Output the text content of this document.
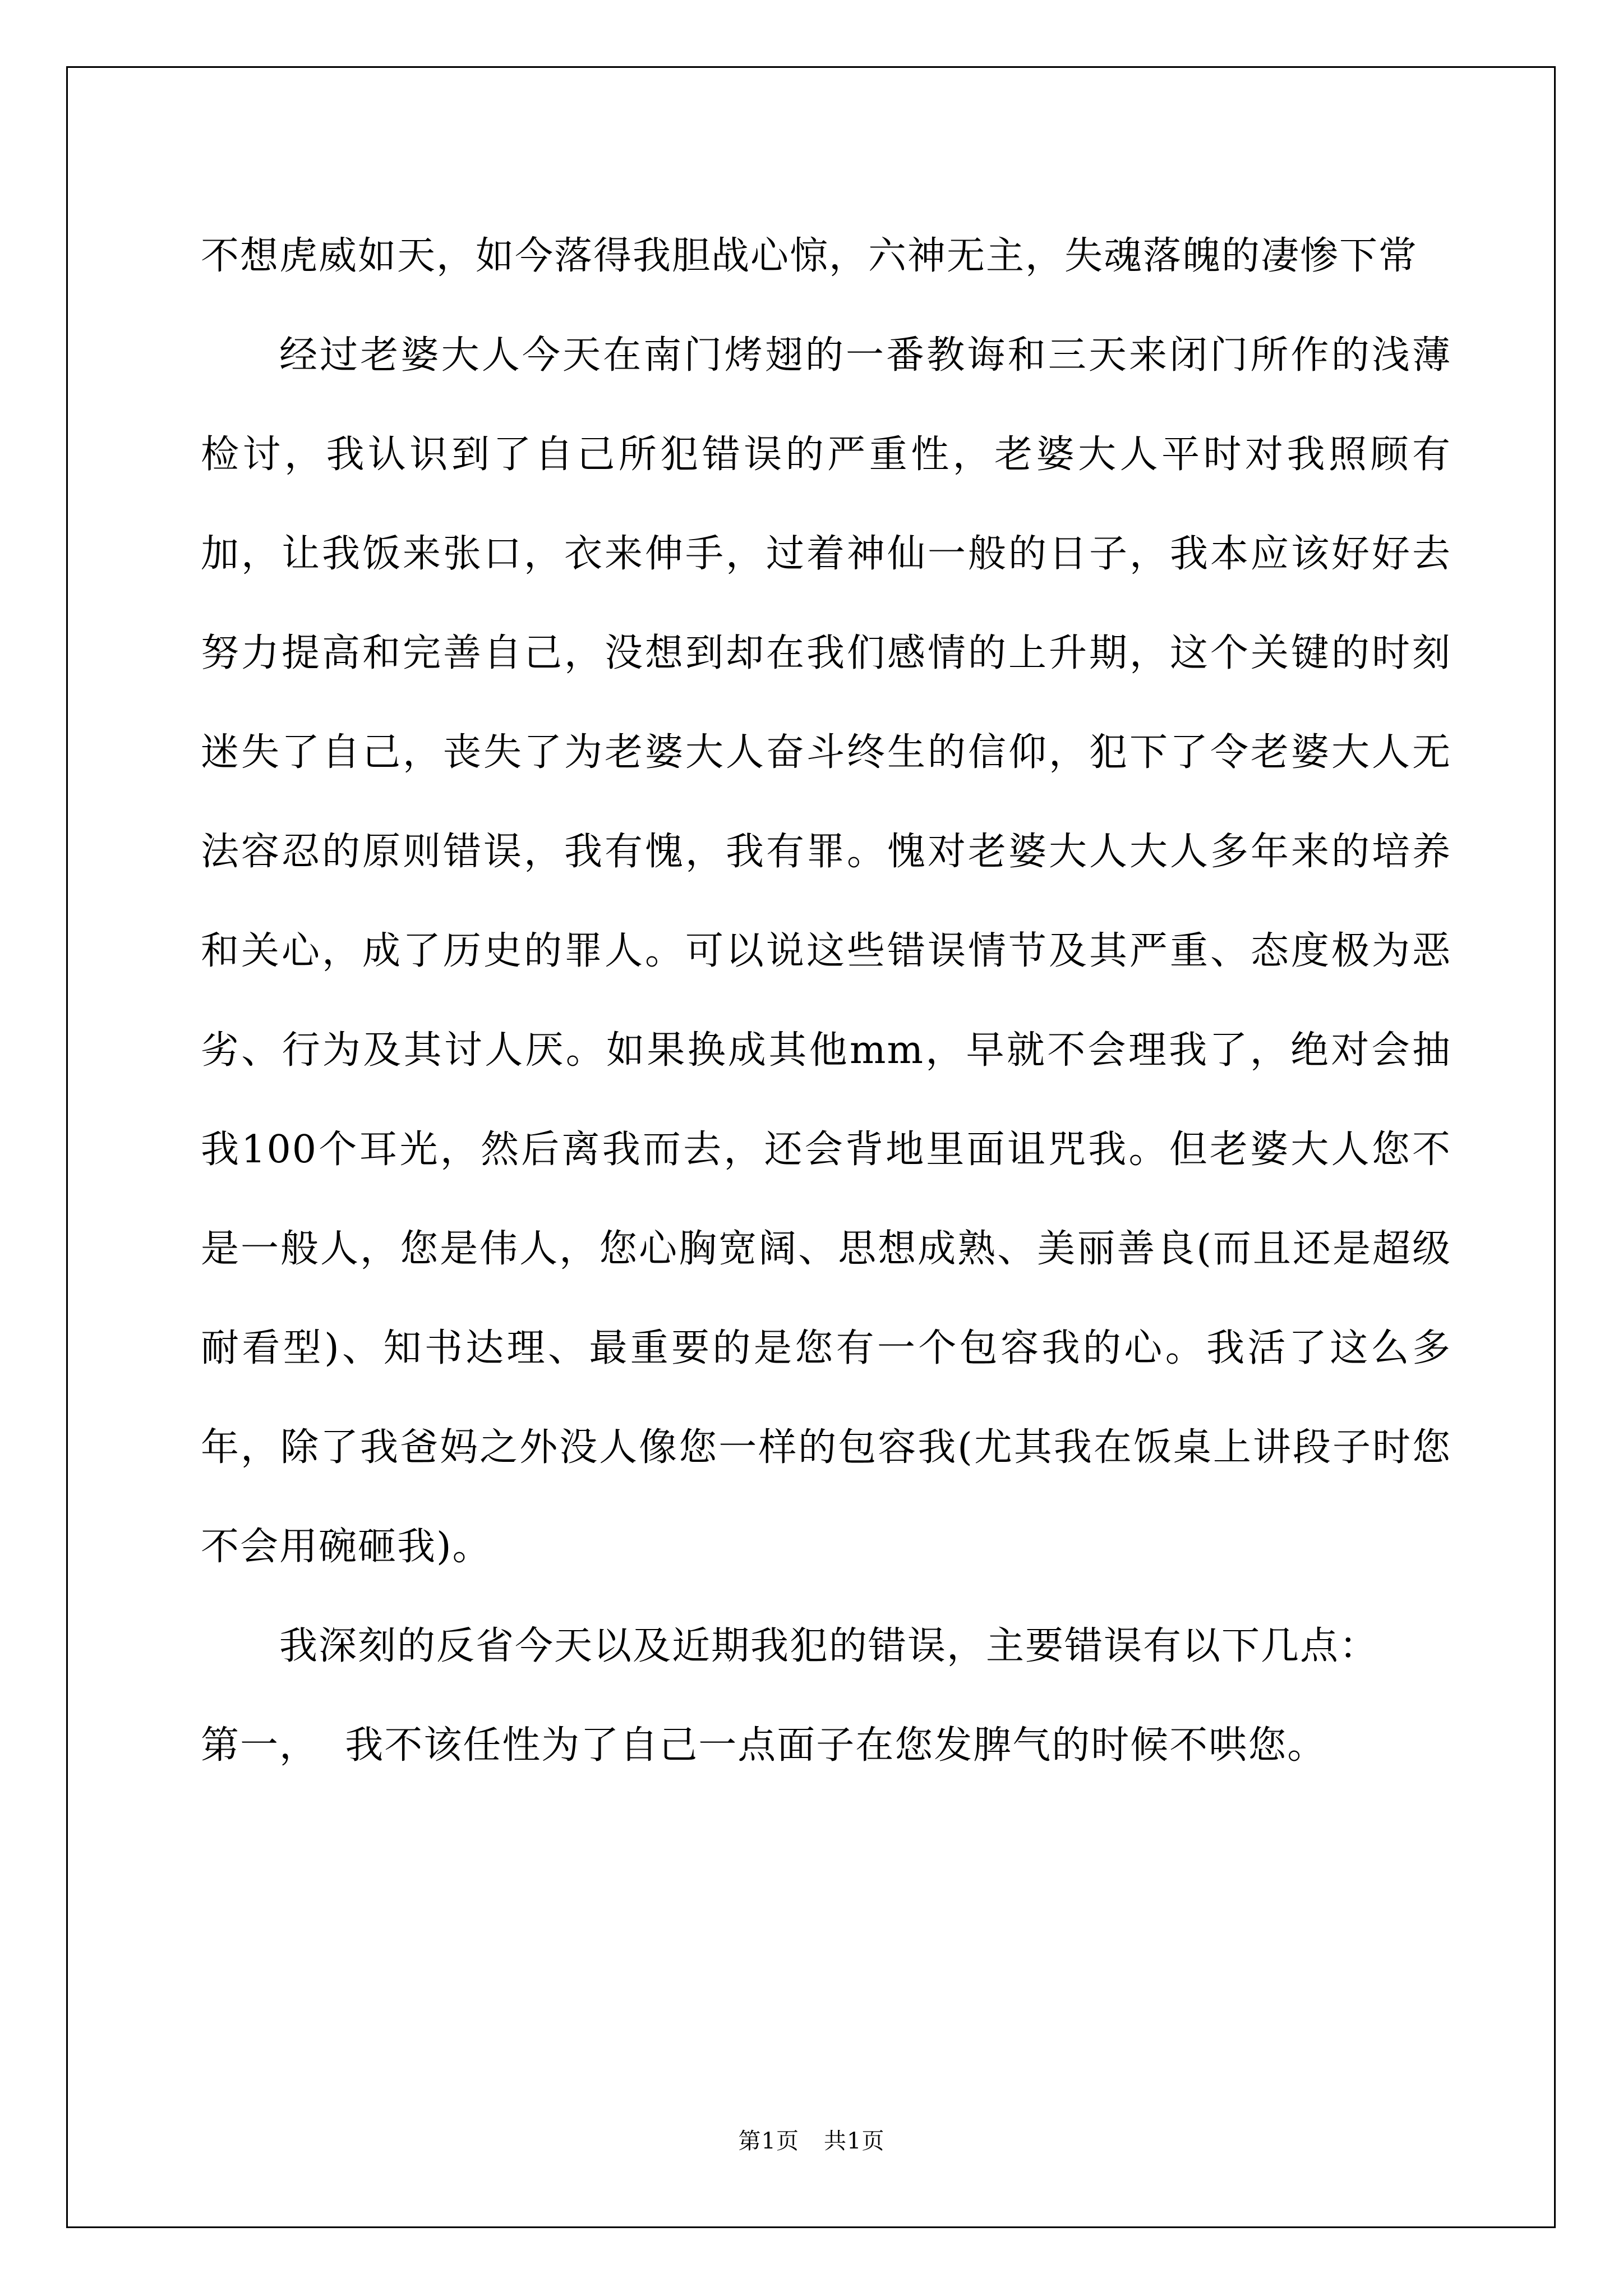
不想虎威如天，如今落得我胆战心惊，六神无主，失魂落魄的凄惨下常

经过老婆大人今天在南门烤翅的一番教诲和三天来闭门所作的浅薄检讨，我认识到了自己所犯错误的严重性，老婆大人平时对我照顾有加，让我饭来张口，衣来伸手，过着神仙一般的日子，我本应该好好去努力提高和完善自己，没想到却在我们感情的上升期，这个关键的时刻迷失了自己，丧失了为老婆大人奋斗终生的信仰，犯下了令老婆大人无法容忍的原则错误，我有愧，我有罪。愧对老婆大人大人多年来的培养和关心，成了历史的罪人。可以说这些错误情节及其严重、态度极为恶劣、行为及其讨人厌。如果换成其他mm，早就不会理我了，绝对会抽我100个耳光，然后离我而去，还会背地里面诅咒我。但老婆大人您不是一般人，您是伟人，您心胸宽阔、思想成熟、美丽善良(而且还是超级耐看型)、知书达理、最重要的是您有一个包容我的心。我活了这么多年，除了我爸妈之外没人像您一样的包容我(尤其我在饭桌上讲段子时您不会用碗砸我)。

我深刻的反省今天以及近期我犯的错误，主要错误有以下几点：

第一，  我不该任性为了自己一点面子在您发脾气的时候不哄您。

第1页 共1页
